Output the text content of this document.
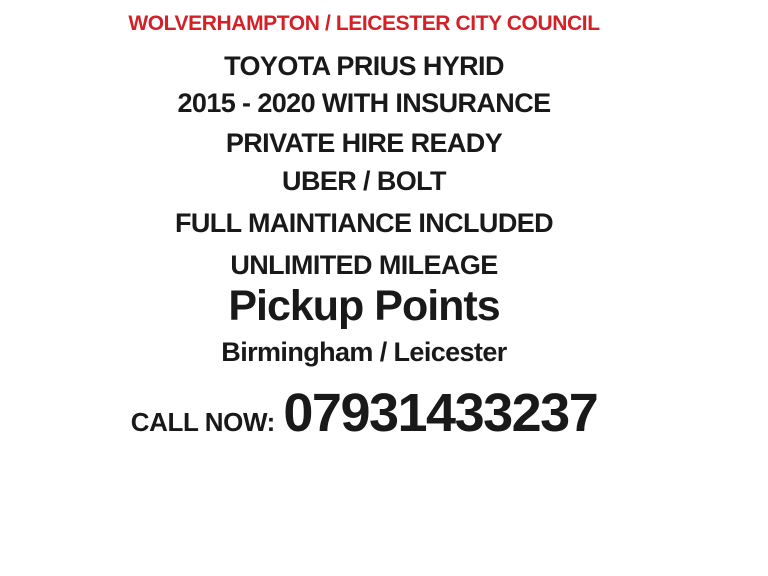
WOLVERHAMPTON / LEICESTER CITY COUNCIL
TOYOTA PRIUS HYRID
2015 - 2020 WITH INSURANCE
PRIVATE HIRE READY
UBER / BOLT
FULL MAINTIANCE INCLUDED
UNLIMITED MILEAGE
Pickup Points
Birmingham / Leicester
CALL NOW: 07931433237
